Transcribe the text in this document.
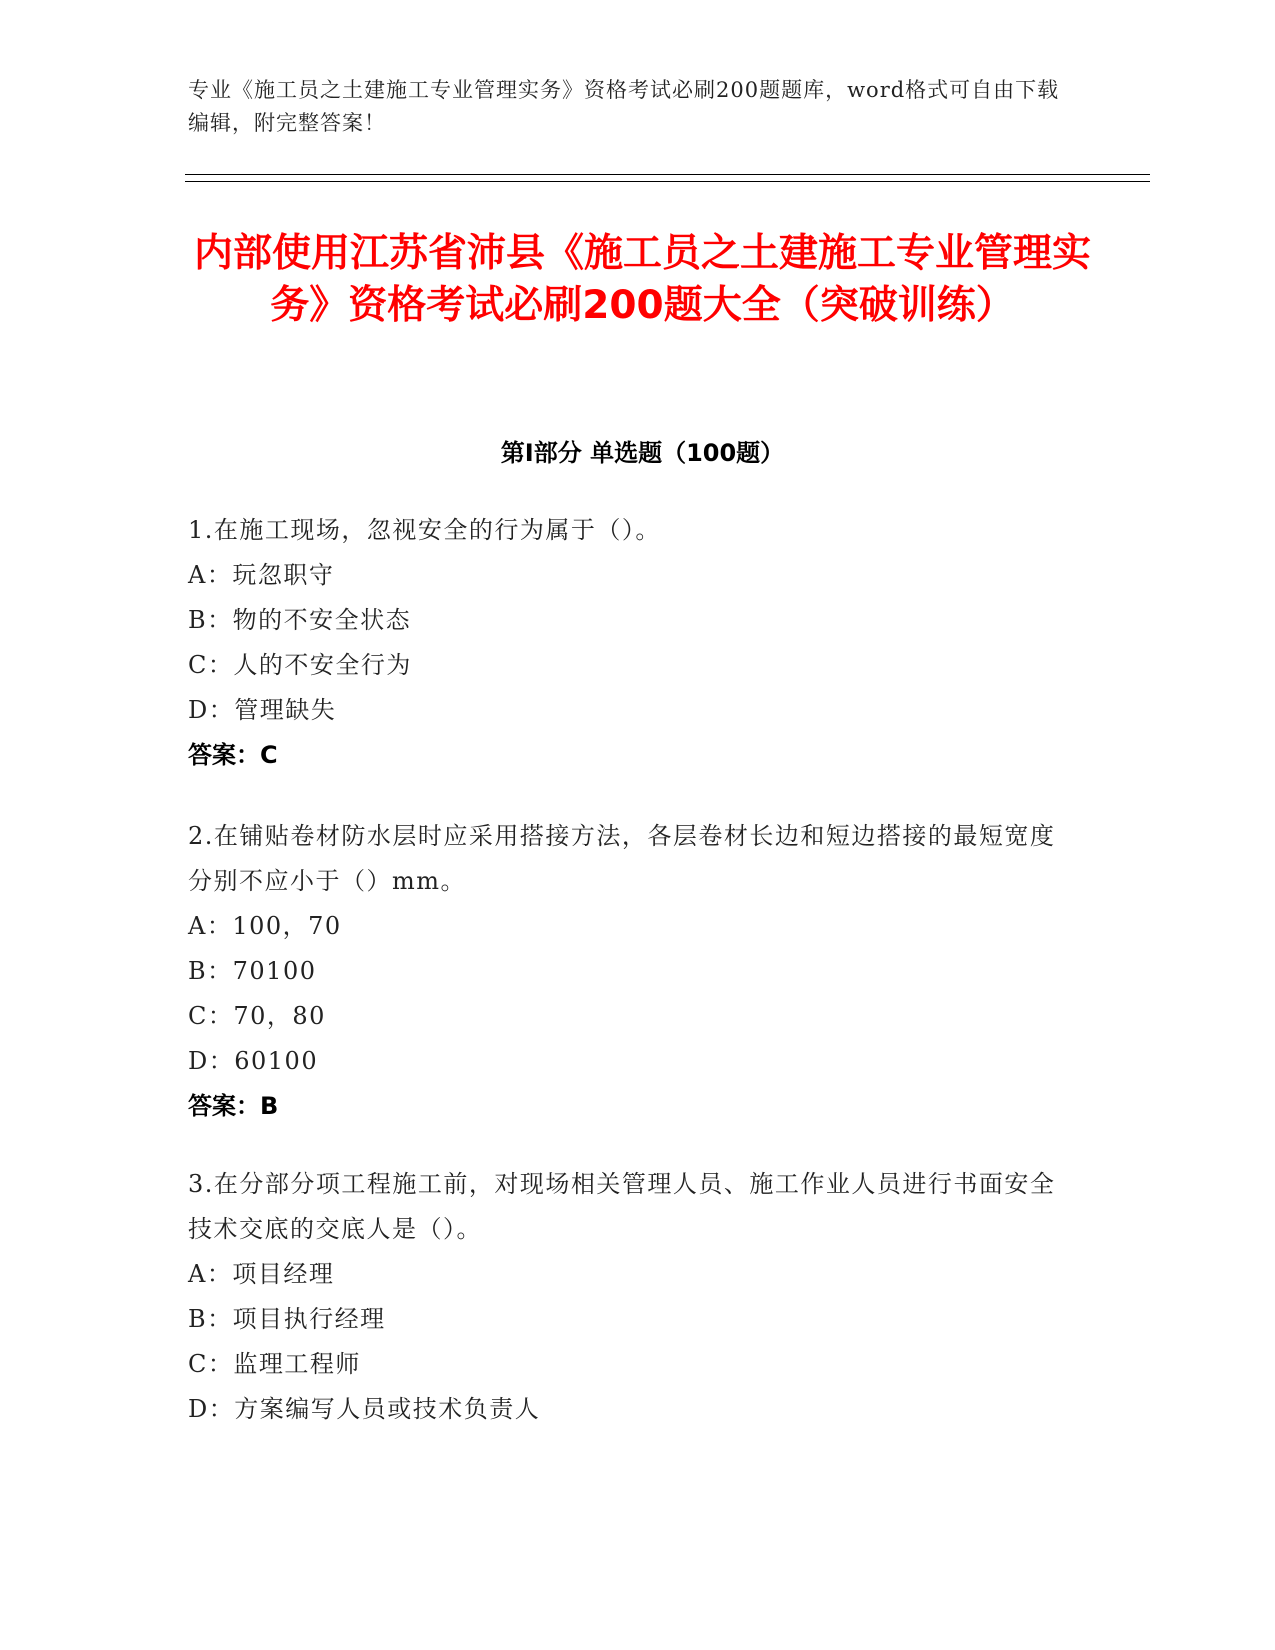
专业《施工员之土建施工专业管理实务》资格考试必刷200题题库，word格式可自由下载编辑，附完整答案！
内部使用江苏省沛县《施工员之土建施工专业管理实务》资格考试必刷200题大全（突破训练）
第Ⅰ部分 单选题（100题）
1.在施工现场，忽视安全的行为属于（）。
A：玩忽职守
B：物的不安全状态
C：人的不安全行为
D：管理缺失
答案：C
2.在铺贴卷材防水层时应采用搭接方法，各层卷材长边和短边搭接的最短宽度分别不应小于（）mm。
A：100，70
B：70100
C：70，80
D：60100
答案：B
3.在分部分项工程施工前，对现场相关管理人员、施工作业人员进行书面安全技术交底的交底人是（）。
A：项目经理
B：项目执行经理
C：监理工程师
D：方案编写人员或技术负责人
